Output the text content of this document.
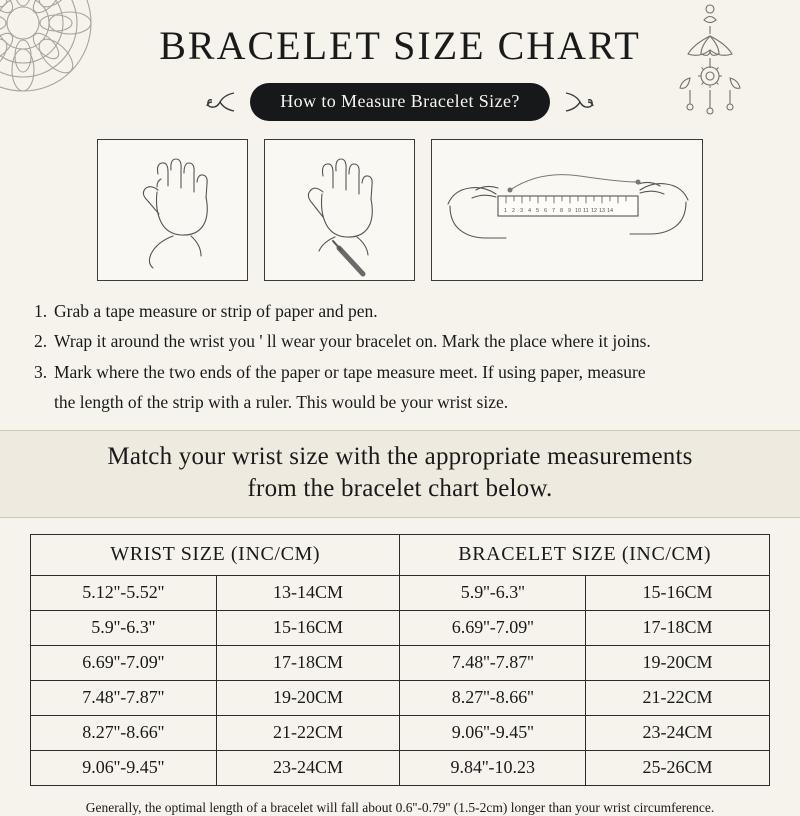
BRACELET SIZE CHART
How to Measure Bracelet Size?
1 2 3 4 5 6 7 8 9 10 11 12 13 14
1. Grab a tape measure or strip of paper and pen.
2. Wrap it around the wrist you ' ll wear your bracelet on. Mark the place where it joins.
3. Mark where the two ends of the paper or tape measure meet. If using paper, measure
the length of the strip with a ruler. This would be your wrist size.
Match your wrist size with the appropriate measurements
from the bracelet chart below.
WRIST SIZE (INC/CM)		BRACELET SIZE (INC/CM)	
5.12''-5.52''	13-14CM	5.9''-6.3''	15-16CM
5.9''-6.3''	15-16CM	6.69''-7.09''	17-18CM
6.69''-7.09''	17-18CM	7.48''-7.87''	19-20CM
7.48''-7.87''	19-20CM	8.27''-8.66''	21-22CM
8.27''-8.66''	21-22CM	9.06''-9.45''	23-24CM
9.06''-9.45''	23-24CM	9.84''-10.23	25-26CM
Generally, the optimal length of a bracelet will fall about 0.6''-0.79'' (1.5-2cm) longer than your wrist circumference.
